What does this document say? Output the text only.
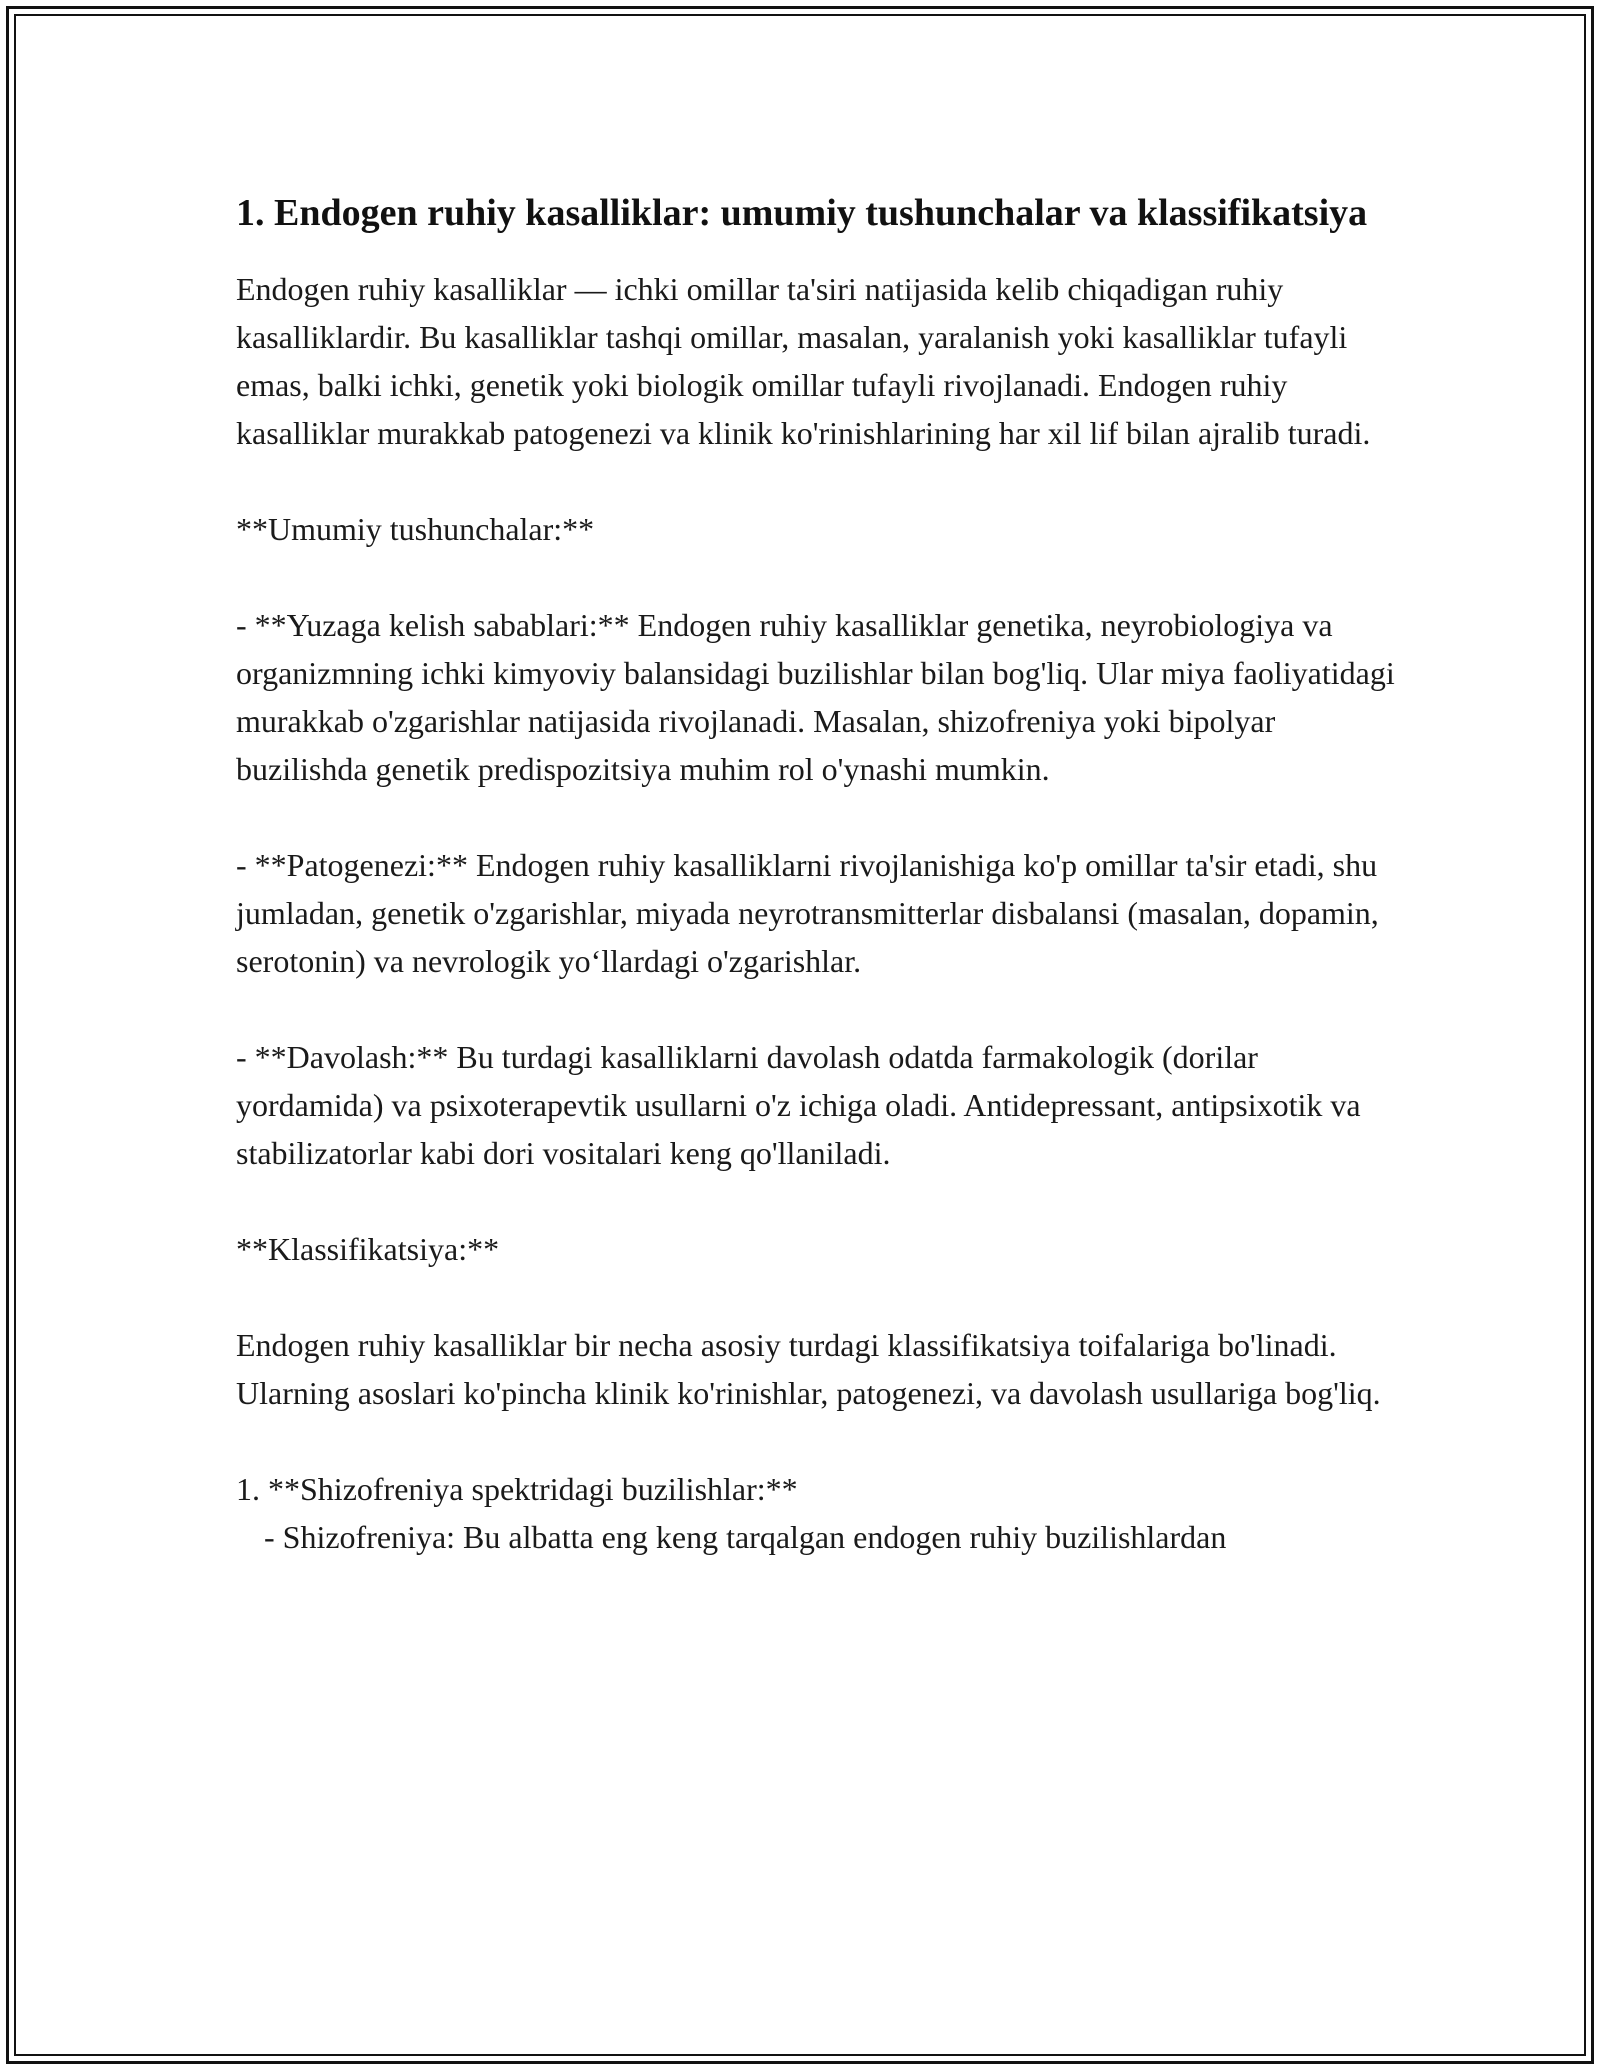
1. Endogen ruhiy kasalliklar: umumiy tushunchalar va klassifikatsiya

Endogen ruhiy kasalliklar — ichki omillar ta'siri natijasida kelib chiqadigan ruhiy kasalliklardir. Bu kasalliklar tashqi omillar, masalan, yaralanish yoki kasalliklar tufayli emas, balki ichki, genetik yoki biologik omillar tufayli rivojlanadi. Endogen ruhiy kasalliklar murakkab patogenezi va klinik ko'rinishlarining har xil lif bilan ajralib turadi.

**Umumiy tushunchalar:**

- **Yuzaga kelish sabablari:** Endogen ruhiy kasalliklar genetika, neyrobiologiya va organizmning ichki kimyoviy balansidagi buzilishlar bilan bog'liq. Ular miya faoliyatidagi murakkab o'zgarishlar natijasida rivojlanadi. Masalan, shizofreniya yoki bipolyar buzilishda genetik predispozitsiya muhim rol o'ynashi mumkin.

- **Patogenezi:** Endogen ruhiy kasalliklarni rivojlanishiga ko'p omillar ta'sir etadi, shu jumladan, genetik o'zgarishlar, miyada neyrotransmitterlar disbalansi (masalan, dopamin, serotonin) va nevrologik yo‘llardagi o'zgarishlar.

- **Davolash:** Bu turdagi kasalliklarni davolash odatda farmakologik (dorilar yordamida) va psixoterapevtik usullarni o'z ichiga oladi. Antidepressant, antipsixotik va stabilizatorlar kabi dori vositalari keng qo'llaniladi.

**Klassifikatsiya:**

Endogen ruhiy kasalliklar bir necha asosiy turdagi klassifikatsiya toifalariga bo'linadi. Ularning asoslari ko'pincha klinik ko'rinishlar, patogenezi, va davolash usullariga bog'liq.

1. **Shizofreniya spektridagi buzilishlar:**

- Shizofreniya: Bu albatta eng keng tarqalgan endogen ruhiy buzilishlardan
